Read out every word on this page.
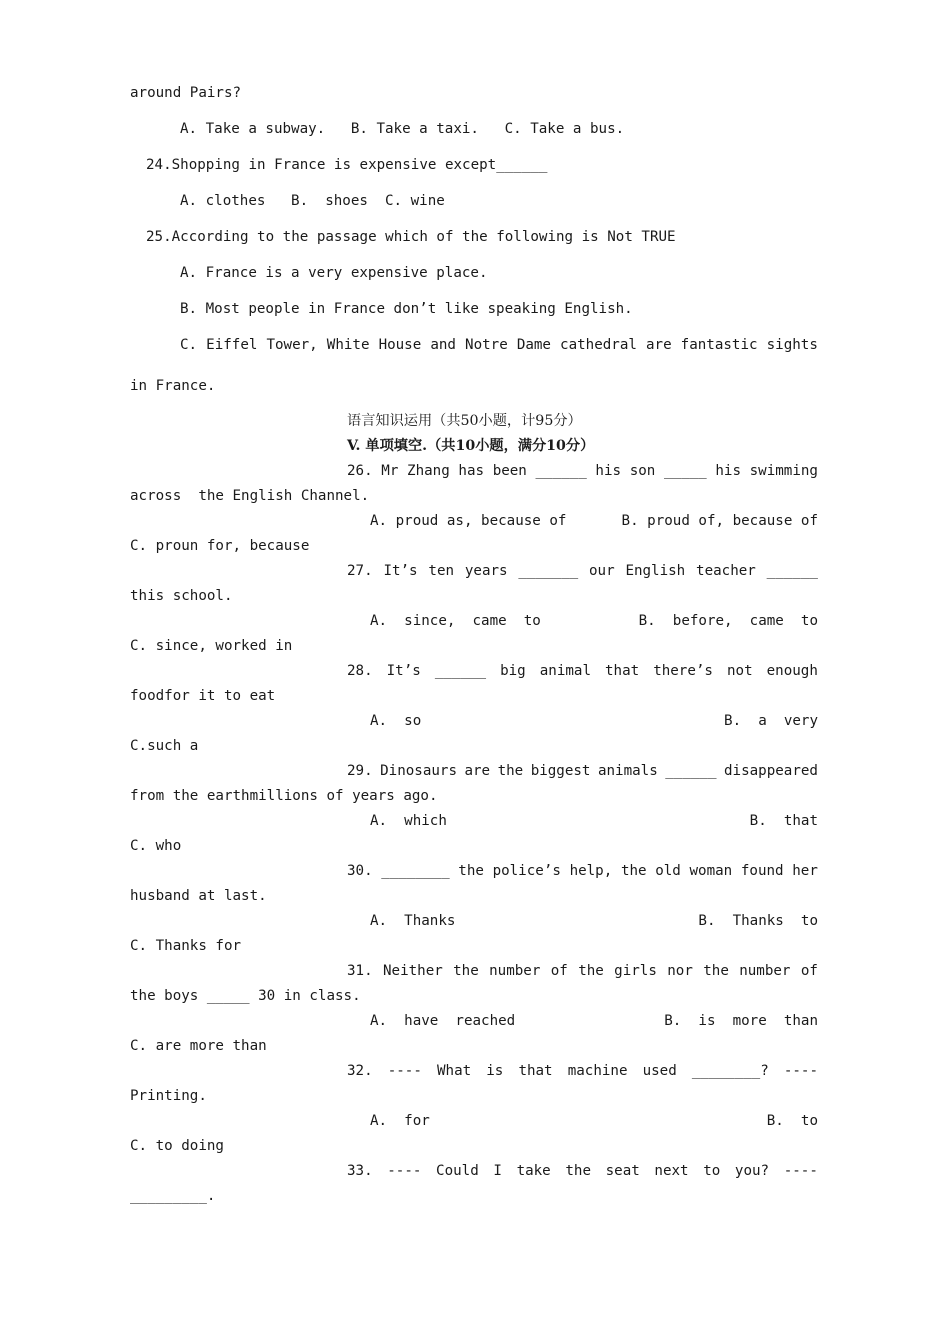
around Pairs?
A. Take a subway.   B. Take a taxi.   C. Take a bus.
24.Shopping in France is expensive except______
A. clothes   B.  shoes  C. wine
25.According to the passage which of the following is Not TRUE
A. France is a very expensive place.
B. Most people in France don’t like speaking English.
C. Eiffel Tower, White House and Notre Dame cathedral are fantastic sights
in France.
语言知识运用（共50小题，计95分）
V. 单项填空.（共10小题，满分10分）
26. Mr Zhang has been ______ his son _____ his swimming
across  the English Channel.
A. proud as, because of	B. proud of, because of
C. proun for, because
27. It’s ten years _______ our English teacher ______
this school.
A.  since,  came  to	B.  before,  came  to
C. since, worked in
28. It’s ______ big animal that there’s not enough
foodfor it to eat
A.  so	B.  a  very
C.such a
29. Dinosaurs are the biggest animals ______ disappeared
from the earthmillions of years ago.
A.  which	B.  that
C. who
30. ________ the police’s help, the old woman found her
husband at last.
A.  Thanks	B.  Thanks  to
C. Thanks for
31. Neither the number of the girls nor the number of
the boys _____ 30 in class.
A.  have  reached	B.  is  more  than
C. are more than
32. ---- What is that machine used ________? ----
Printing.
A.  for	B.  to
C. to doing
33. ---- Could I take the seat next to you? ----
_________.
